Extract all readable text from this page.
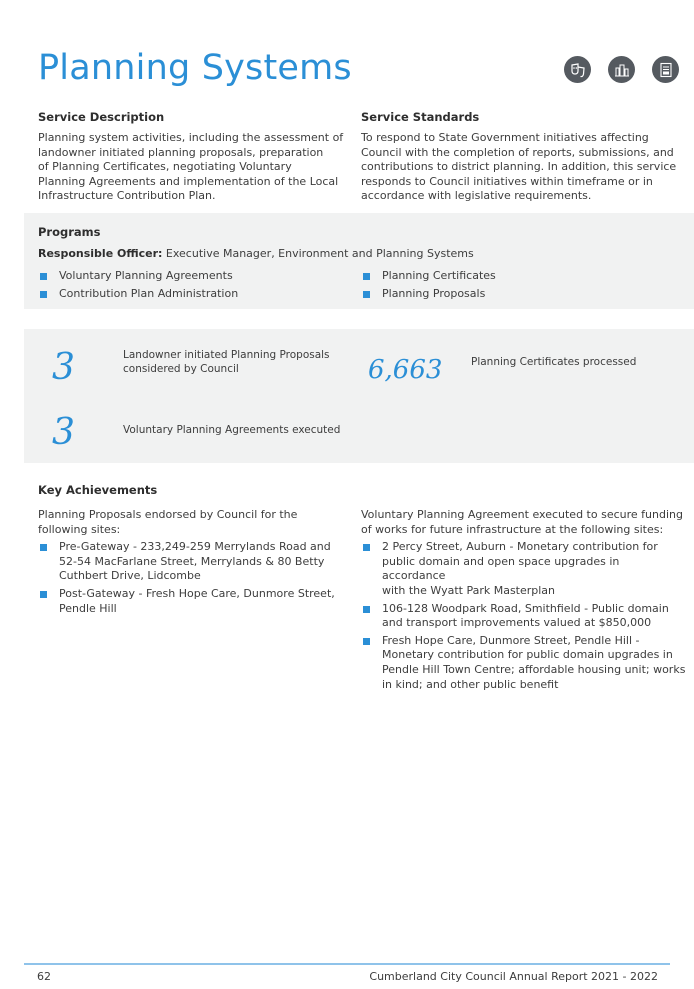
Planning Systems
Service Description

Planning system activities, including the assessment of

landowner initiated planning proposals, preparation

of Planning Certificates, negotiating Voluntary

Planning Agreements and implementation of the Local

Infrastructure Contribution Plan.

Service Standards

To respond to State Government initiatives affecting

Council with the completion of reports, submissions, and

contributions to district planning. In addition, this service

responds to Council initiatives within timeframe or in

accordance with legislative requirements.

Programs
Responsible Officer: Executive Manager, Environment and Planning Systems
Voluntary Planning Agreements
Contribution Plan Administration
Planning Certificates
Planning Proposals
3	Landowner initiated Planning Proposals
considered by Council	6,663	Planning Certificates processed
3	Voluntary Planning Agreements executed
Key Achievements

Planning Proposals endorsed by Council for the

following sites:

Pre-Gateway - 233,249-259 Merrylands Road and
52-54 MacFarlane Street, Merrylands & 80 Betty
Cuthbert Drive, Lidcombe
Post-Gateway - Fresh Hope Care, Dunmore Street,
Pendle Hill

Voluntary Planning Agreement executed to secure funding

of works for future infrastructure at the following sites:

2 Percy Street, Auburn - Monetary contribution for
public domain and open space upgrades in accordance
with the Wyatt Park Masterplan
106-128 Woodpark Road, Smithfield - Public domain
and transport improvements valued at $850,000
Fresh Hope Care, Dunmore Street, Pendle Hill -
Monetary contribution for public domain upgrades in
Pendle Hill Town Centre; affordable housing unit; works
in kind; and other public benefit
62	Cumberland City Council Annual Report 2021 - 2022
